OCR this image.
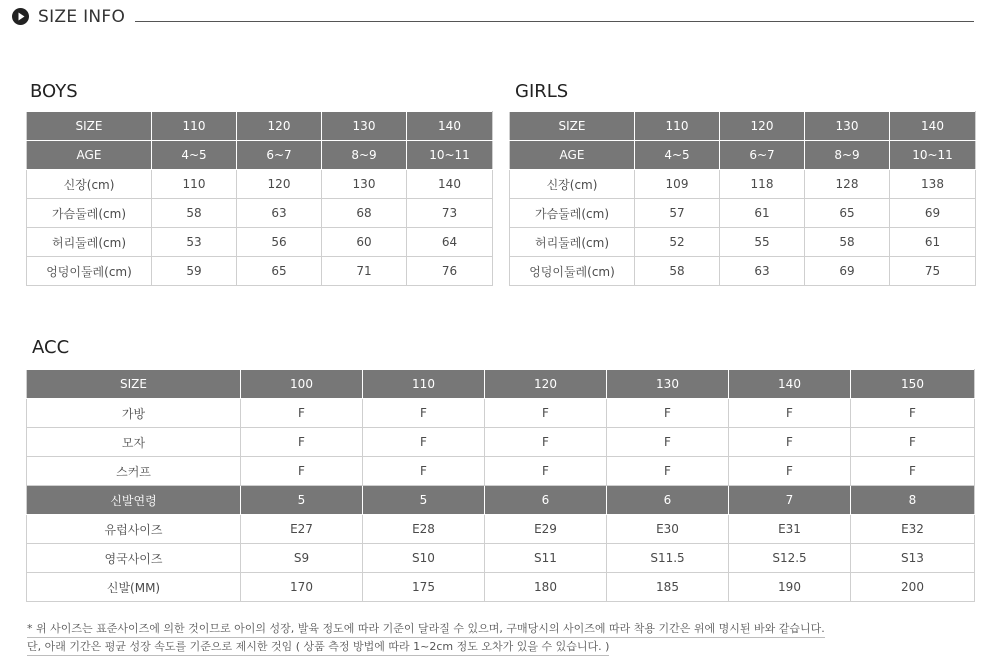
SIZE INFO
BOYS
SIZE	110	120	130	140
AGE	4~5	6~7	8~9	10~11
신장(cm)	110	120	130	140
가슴둘레(cm)	58	63	68	73
허리둘레(cm)	53	56	60	64
엉덩이둘레(cm)	59	65	71	76
GIRLS
SIZE	110	120	130	140
AGE	4~5	6~7	8~9	10~11
신장(cm)	109	118	128	138
가슴둘레(cm)	57	61	65	69
허리둘레(cm)	52	55	58	61
엉덩이둘레(cm)	58	63	69	75
ACC
SIZE	100	110	120	130	140	150
가방	F	F	F	F	F	F
모자	F	F	F	F	F	F
스커프	F	F	F	F	F	F
신발연령	5	5	6	6	7	8
유럽사이즈	E27	E28	E29	E30	E31	E32
영국사이즈	S9	S10	S11	S11.5	S12.5	S13
신발(MM)	170	175	180	185	190	200
* 위 사이즈는 표준사이즈에 의한 것이므로 아이의 성장, 발육 정도에 따라 기준이 달라질 수 있으며, 구매당시의 사이즈에 따라 착용 기간은 위에 명시된 바와 같습니다.
단, 아래 기간은 평균 성장 속도를 기준으로 제시한 것임 ( 상품 측정 방법에 따라 1~2cm 정도 오차가 있을 수 있습니다. )
